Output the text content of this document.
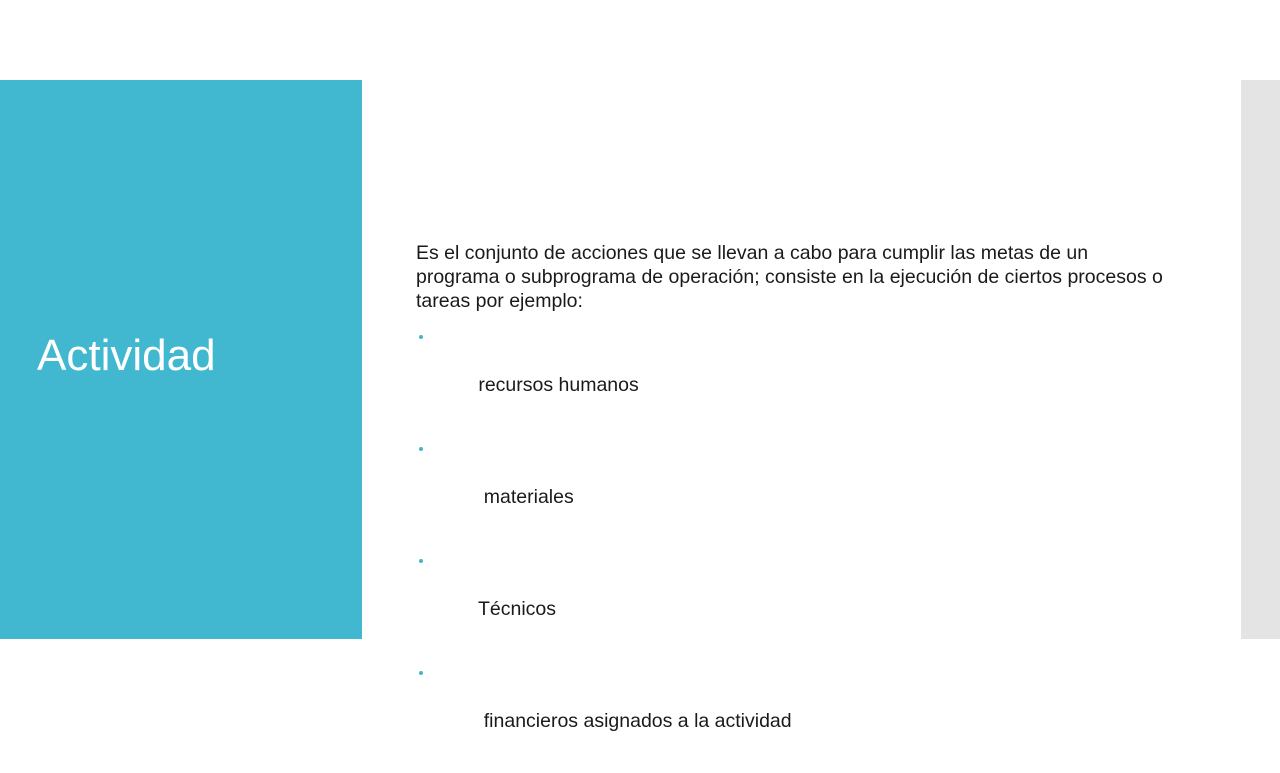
Actividad

Es el conjunto de acciones que se llevan a cabo para cumplir las metas de un programa o subprograma de operación; consiste en la ejecución de ciertos procesos o tareas por ejemplo:

recursos humanos

materiales

Técnicos

financieros asignados a la actividad
